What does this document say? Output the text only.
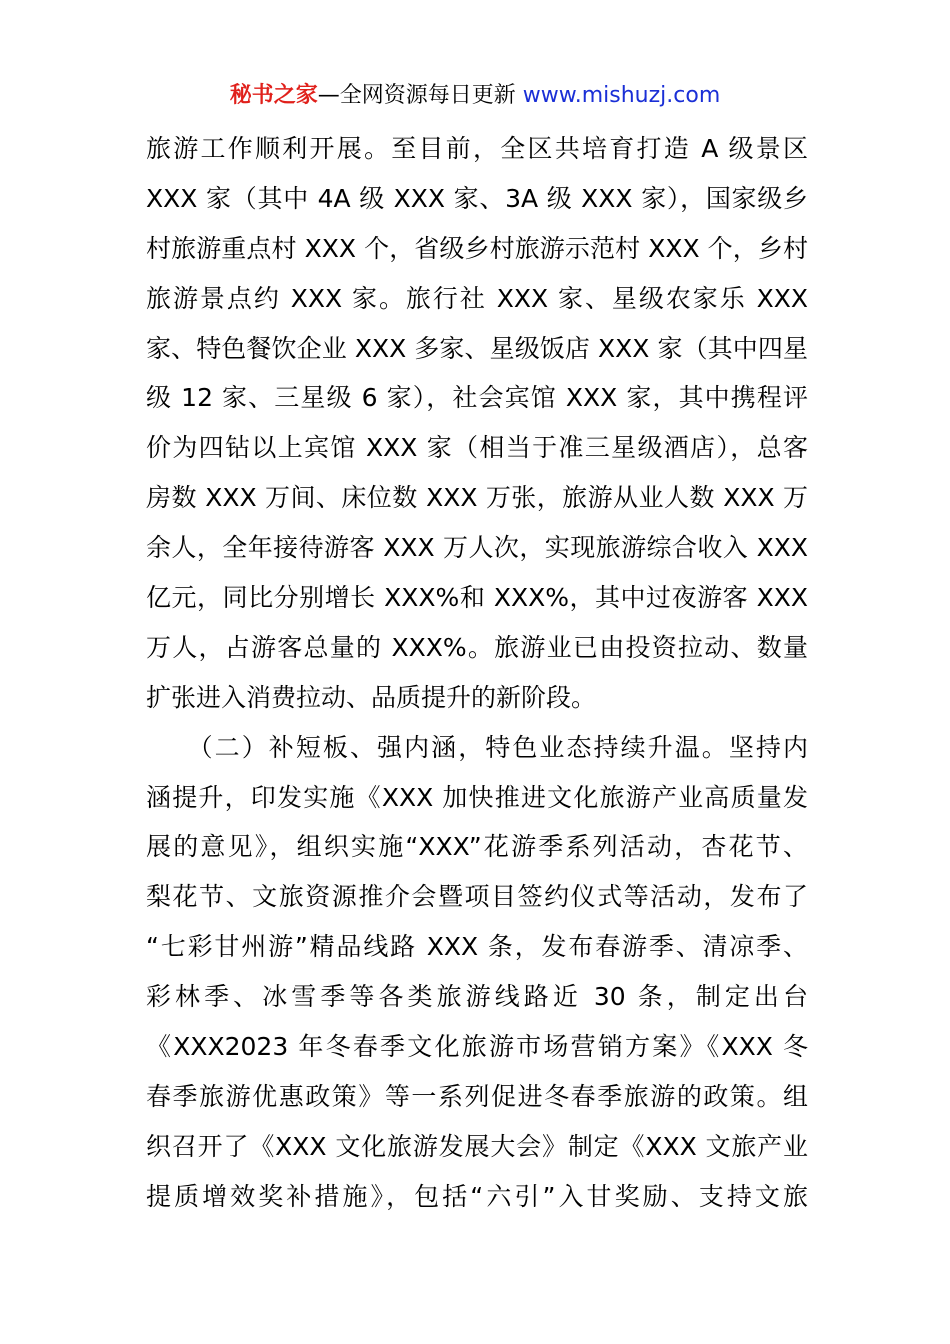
秘书之家—全网资源每日更新 www.mishuzj.com
旅游工作顺利开展。至目前，全区共培育打造 A 级景区
XXX 家（其中 4A 级 XXX 家、3A 级 XXX 家），国家级乡
村旅游重点村 XXX 个，省级乡村旅游示范村 XXX 个，乡村
旅游景点约 XXX 家。旅行社 XXX 家、星级农家乐 XXX
家、特色餐饮企业 XXX 多家、星级饭店 XXX 家（其中四星
级 12 家、三星级 6 家），社会宾馆 XXX 家，其中携程评
价为四钻以上宾馆 XXX 家（相当于准三星级酒店），总客
房数 XXX 万间、床位数 XXX 万张，旅游从业人数 XXX 万
余人，全年接待游客 XXX 万人次，实现旅游综合收入 XXX
亿元，同比分别增长 XXX%和 XXX%，其中过夜游客 XXX
万人，占游客总量的 XXX%。旅游业已由投资拉动、数量
扩张进入消费拉动、品质提升的新阶段。
　　（二）补短板、强内涵，特色业态持续升温。坚持内
涵提升，印发实施《XXX 加快推进文化旅游产业高质量发
展的意见》，组织实施“XXX”花游季系列活动，杏花节、
梨花节、文旅资源推介会暨项目签约仪式等活动，发布了
“七彩甘州游”精品线路 XXX 条，发布春游季、清凉季、
彩林季、冰雪季等各类旅游线路近 30 条，制定出台
《XXX2023 年冬春季文化旅游市场营销方案》《XXX 冬
春季旅游优惠政策》等一系列促进冬春季旅游的政策。组
织召开了《XXX 文化旅游发展大会》制定《XXX 文旅产业
提质增效奖补措施》，包括“六引”入甘奖励、支持文旅
